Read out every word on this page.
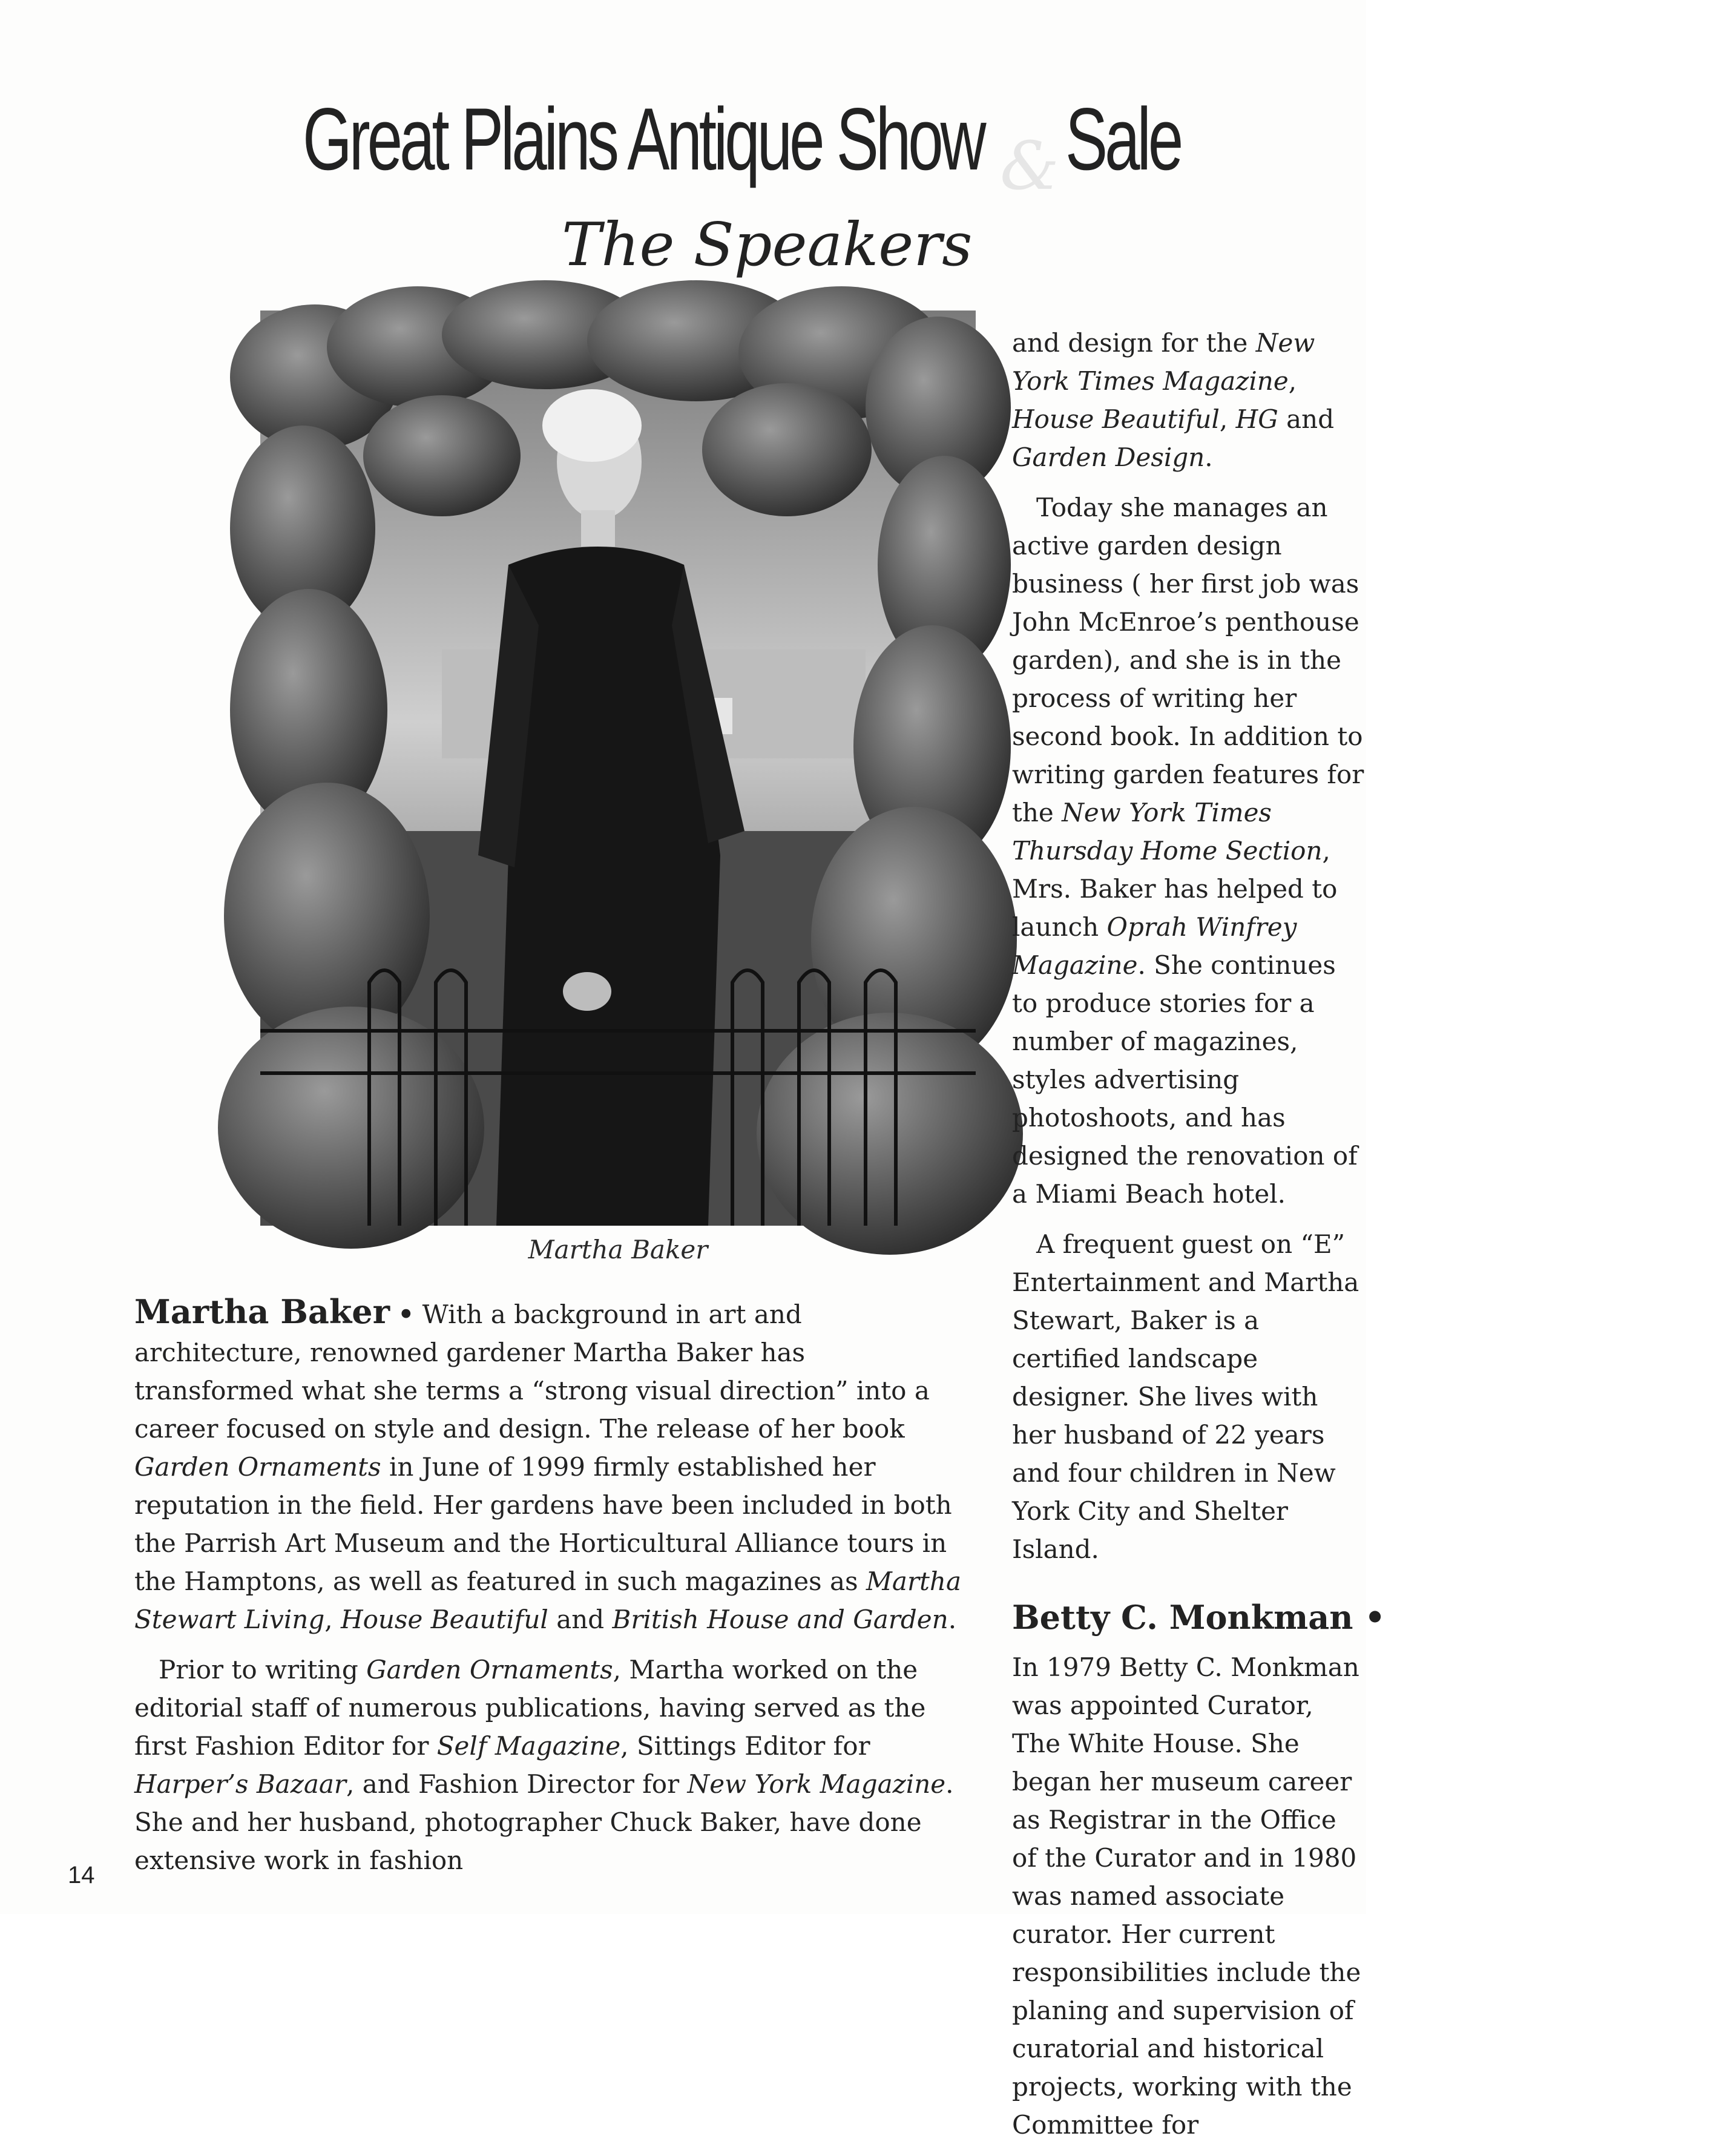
Great Plains Antique Show & Sale
The Speakers
Martha Baker

Martha Baker • With a background in art and architecture, renowned gardener Martha Baker has transformed what she terms a “strong visual direction” into a career focused on style and design. The release of her book Garden Ornaments in June of 1999 firmly established her reputation in the field. Her gardens have been included in both the Parrish Art Museum and the Horticultural Alliance tours in the Hamptons, as well as featured in such magazines as Martha Stewart Living, House Beautiful and British House and Garden.

Prior to writing Garden Ornaments, Martha worked on the editorial staff of numerous publications, having served as the first Fashion Editor for Self Magazine, Sittings Editor for Harper’s Bazaar, and Fashion Director for New York Magazine. She and her husband, photographer Chuck Baker, have done extensive work in fashion

and design for the New York Times Magazine, House Beautiful, HG and Garden Design.

Today she manages an active garden design business ( her first job was John McEnroe’s penthouse garden), and she is in the process of writing her second book. In addition to writing garden features for the New York Times Thursday Home Section, Mrs. Baker has helped to launch Oprah Winfrey Magazine. She continues to produce stories for a number of magazines, styles advertising photoshoots, and has designed the renovation of a Miami Beach hotel.

A frequent guest on “E” Entertainment and Martha Stewart, Baker is a certified landscape designer. She lives with her husband of 22 years and four children in New York City and Shelter Island.

Betty C. Monkman •

In 1979 Betty C. Monkman was appointed Curator, The White House. She began her museum career as Registrar in the Office of the Curator and in 1980 was named associate curator. Her current responsibilities include the planing and supervision of curatorial and historical projects, working with the Committee for

14
